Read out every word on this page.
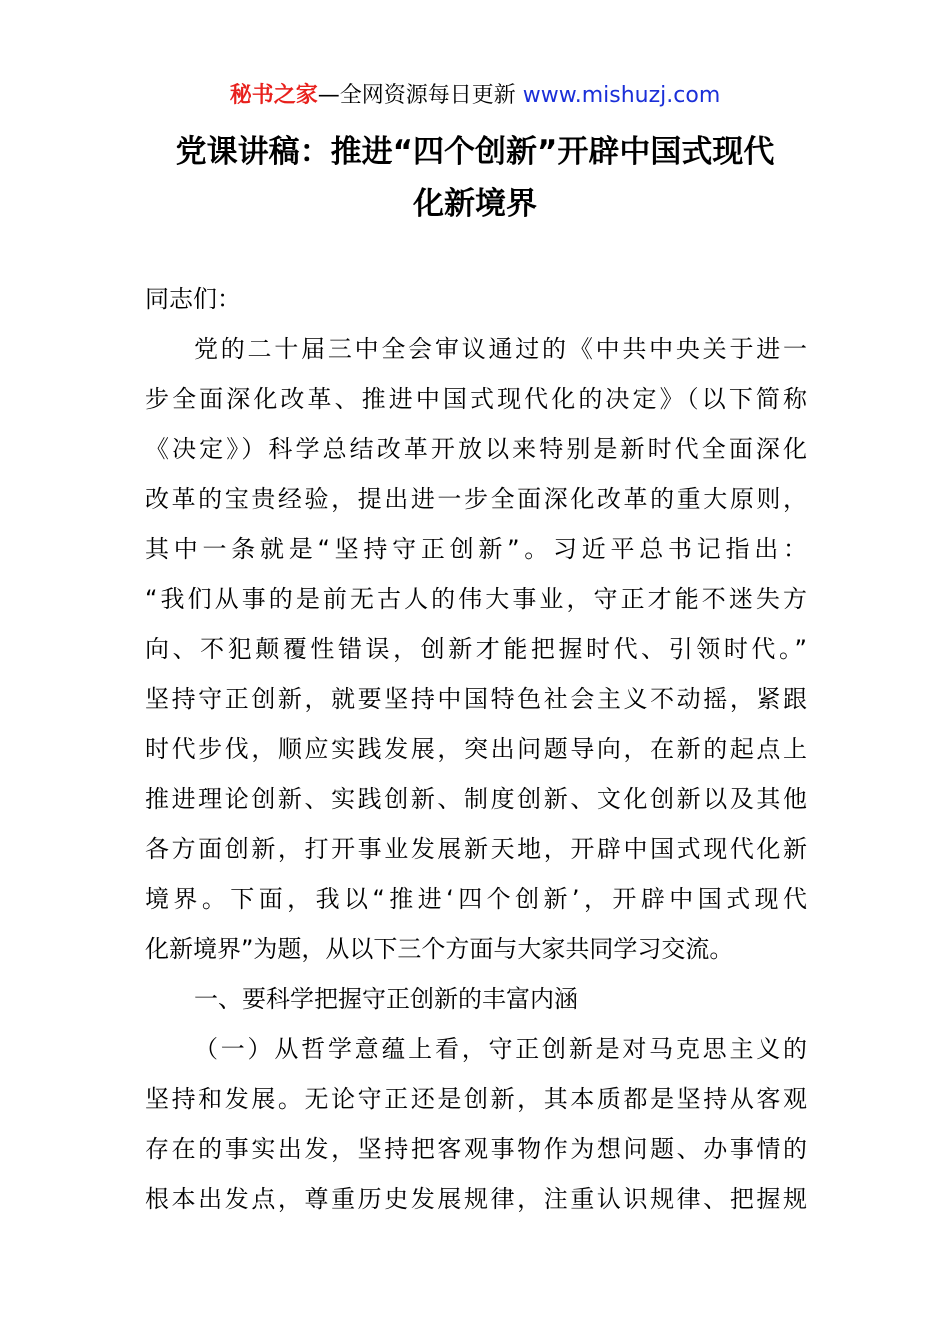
秘书之家—全网资源每日更新 www.mishuzj.com
党课讲稿：推进“四个创新”开辟中国式现代
化新境界
同志们：
党的二十届三中全会审议通过的《中共中央关于进一
步全面深化改革、推进中国式现代化的决定》（以下简称
《决定》）科学总结改革开放以来特别是新时代全面深化
改革的宝贵经验，提出进一步全面深化改革的重大原则，
其中一条就是“坚持守正创新”。习近平总书记指出：
“我们从事的是前无古人的伟大事业，守正才能不迷失方
向、不犯颠覆性错误，创新才能把握时代、引领时代。”
坚持守正创新，就要坚持中国特色社会主义不动摇，紧跟
时代步伐，顺应实践发展，突出问题导向，在新的起点上
推进理论创新、实践创新、制度创新、文化创新以及其他
各方面创新，打开事业发展新天地，开辟中国式现代化新
境界。下面，我以“推进‘四个创新’，开辟中国式现代
化新境界”为题，从以下三个方面与大家共同学习交流。
一、要科学把握守正创新的丰富内涵
（一）从哲学意蕴上看，守正创新是对马克思主义的
坚持和发展。无论守正还是创新，其本质都是坚持从客观
存在的事实出发，坚持把客观事物作为想问题、办事情的
根本出发点，尊重历史发展规律，注重认识规律、把握规
